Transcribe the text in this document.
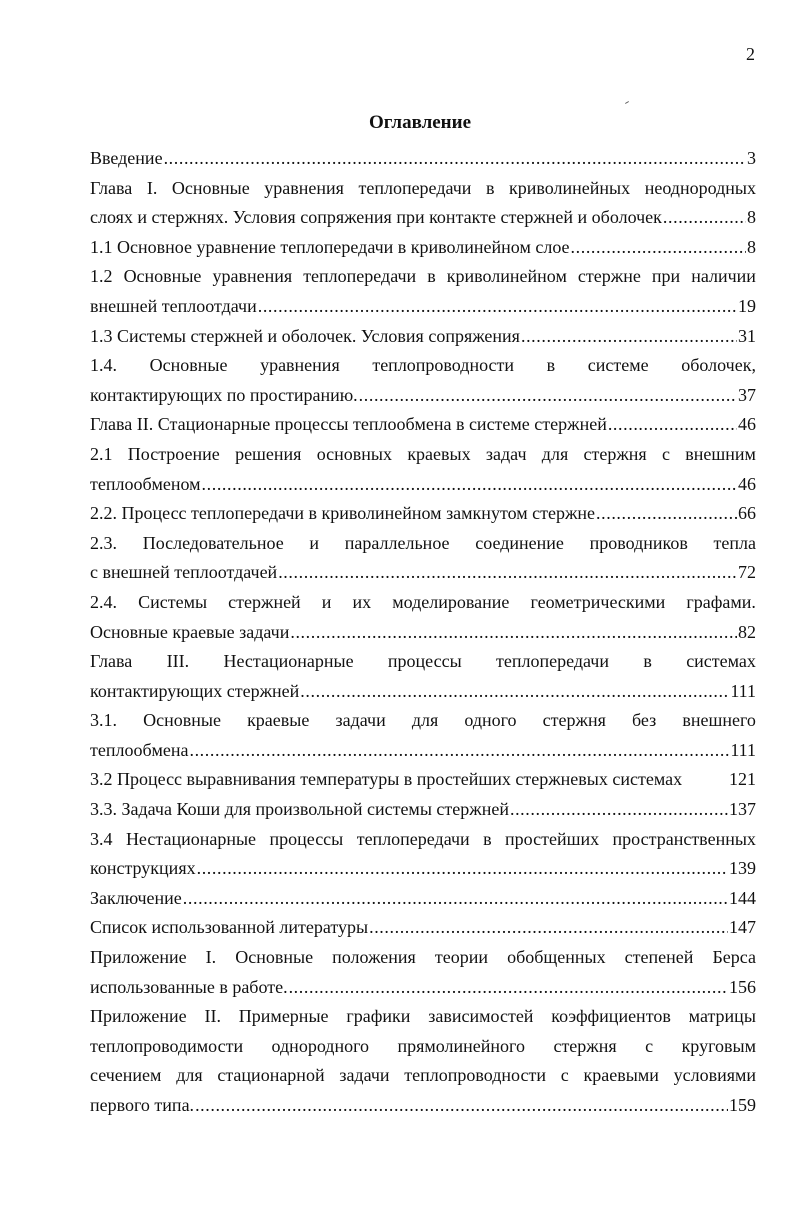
2
Оглавление
Введение .....	3
Глава I. Основные уравнения теплопередачи в криволинейных неоднородных
слоях и стержнях. Условия сопряжения при контакте стержней и оболочек .....	8
1.1 Основное уравнение теплопередачи в криволинейном слое .....	8
1.2 Основные уравнения теплопередачи в криволинейном стержне при наличии
внешней теплоотдачи .....	19
1.3 Системы стержней и оболочек. Условия сопряжения .....	31
1.4. Основные уравнения теплопроводности в системе оболочек,
контактирующих по простиранию. .....	37
Глава II. Стационарные процессы теплообмена в системе стержней .....	46
2.1 Построение решения основных краевых задач для стержня с внешним
теплообменом .....	46
2.2. Процесс теплопередачи в криволинейном замкнутом стержне .....	66
2.3. Последовательное и параллельное соединение проводников тепла
с внешней теплоотдачей .....	72
2.4. Системы стержней и их моделирование геометрическими графами.
Основные краевые задачи .....	82
Глава III. Нестационарные процессы теплопередачи в системах
контактирующих стержней .....	111
3.1. Основные краевые задачи для одного стержня без внешнего
теплообмена .....	111
3.2 Процесс выравнивания температуры в простейших стержневых системах	121
3.3. Задача Коши для произвольной системы стержней .....	137
3.4 Нестационарные процессы теплопередачи в простейших пространственных
конструкциях .....	139
Заключение .....	144
Список использованной литературы .....	147
Приложение I. Основные положения теории обобщенных степеней Берса
использованные в работе. .....	156
Приложение II. Примерные графики зависимостей коэффициентов матрицы
теплопроводимости однородного прямолинейного стержня с круговым
сечением для стационарной задачи теплопроводности с краевыми условиями
первого типа. .....	159
